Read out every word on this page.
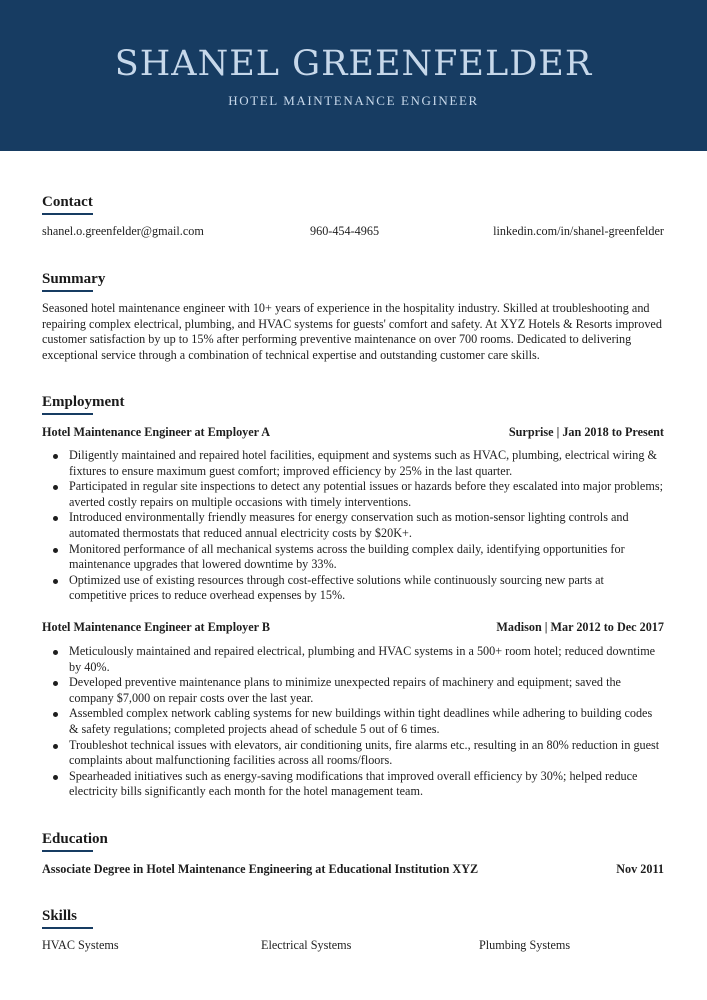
SHANEL GREENFELDER
HOTEL MAINTENANCE ENGINEER
Contact
shanel.o.greenfelder@gmail.com	960-454-4965	linkedin.com/in/shanel-greenfelder
Summary
Seasoned hotel maintenance engineer with 10+ years of experience in the hospitality industry. Skilled at troubleshooting and repairing complex electrical, plumbing, and HVAC systems for guests' comfort and safety. At XYZ Hotels & Resorts improved customer satisfaction by up to 15% after performing preventive maintenance on over 700 rooms. Dedicated to delivering exceptional service through a combination of technical expertise and outstanding customer care skills.
Employment
Hotel Maintenance Engineer at Employer A	Surprise | Jan 2018 to Present
Diligently maintained and repaired hotel facilities, equipment and systems such as HVAC, plumbing, electrical wiring & fixtures to ensure maximum guest comfort; improved efficiency by 25% in the last quarter.
Participated in regular site inspections to detect any potential issues or hazards before they escalated into major problems; averted costly repairs on multiple occasions with timely interventions.
Introduced environmentally friendly measures for energy conservation such as motion-sensor lighting controls and automated thermostats that reduced annual electricity costs by $20K+.
Monitored performance of all mechanical systems across the building complex daily, identifying opportunities for maintenance upgrades that lowered downtime by 33%.
Optimized use of existing resources through cost-effective solutions while continuously sourcing new parts at competitive prices to reduce overhead expenses by 15%.
Hotel Maintenance Engineer at Employer B	Madison | Mar 2012 to Dec 2017
Meticulously maintained and repaired electrical, plumbing and HVAC systems in a 500+ room hotel; reduced downtime by 40%.
Developed preventive maintenance plans to minimize unexpected repairs of machinery and equipment; saved the company $7,000 on repair costs over the last year.
Assembled complex network cabling systems for new buildings within tight deadlines while adhering to building codes & safety regulations; completed projects ahead of schedule 5 out of 6 times.
Troubleshot technical issues with elevators, air conditioning units, fire alarms etc., resulting in an 80% reduction in guest complaints about malfunctioning facilities across all rooms/floors.
Spearheaded initiatives such as energy-saving modifications that improved overall efficiency by 30%; helped reduce electricity bills significantly each month for the hotel management team.
Education
Associate Degree in Hotel Maintenance Engineering at Educational Institution XYZ	Nov 2011
Skills
HVAC Systems	Electrical Systems	Plumbing Systems
